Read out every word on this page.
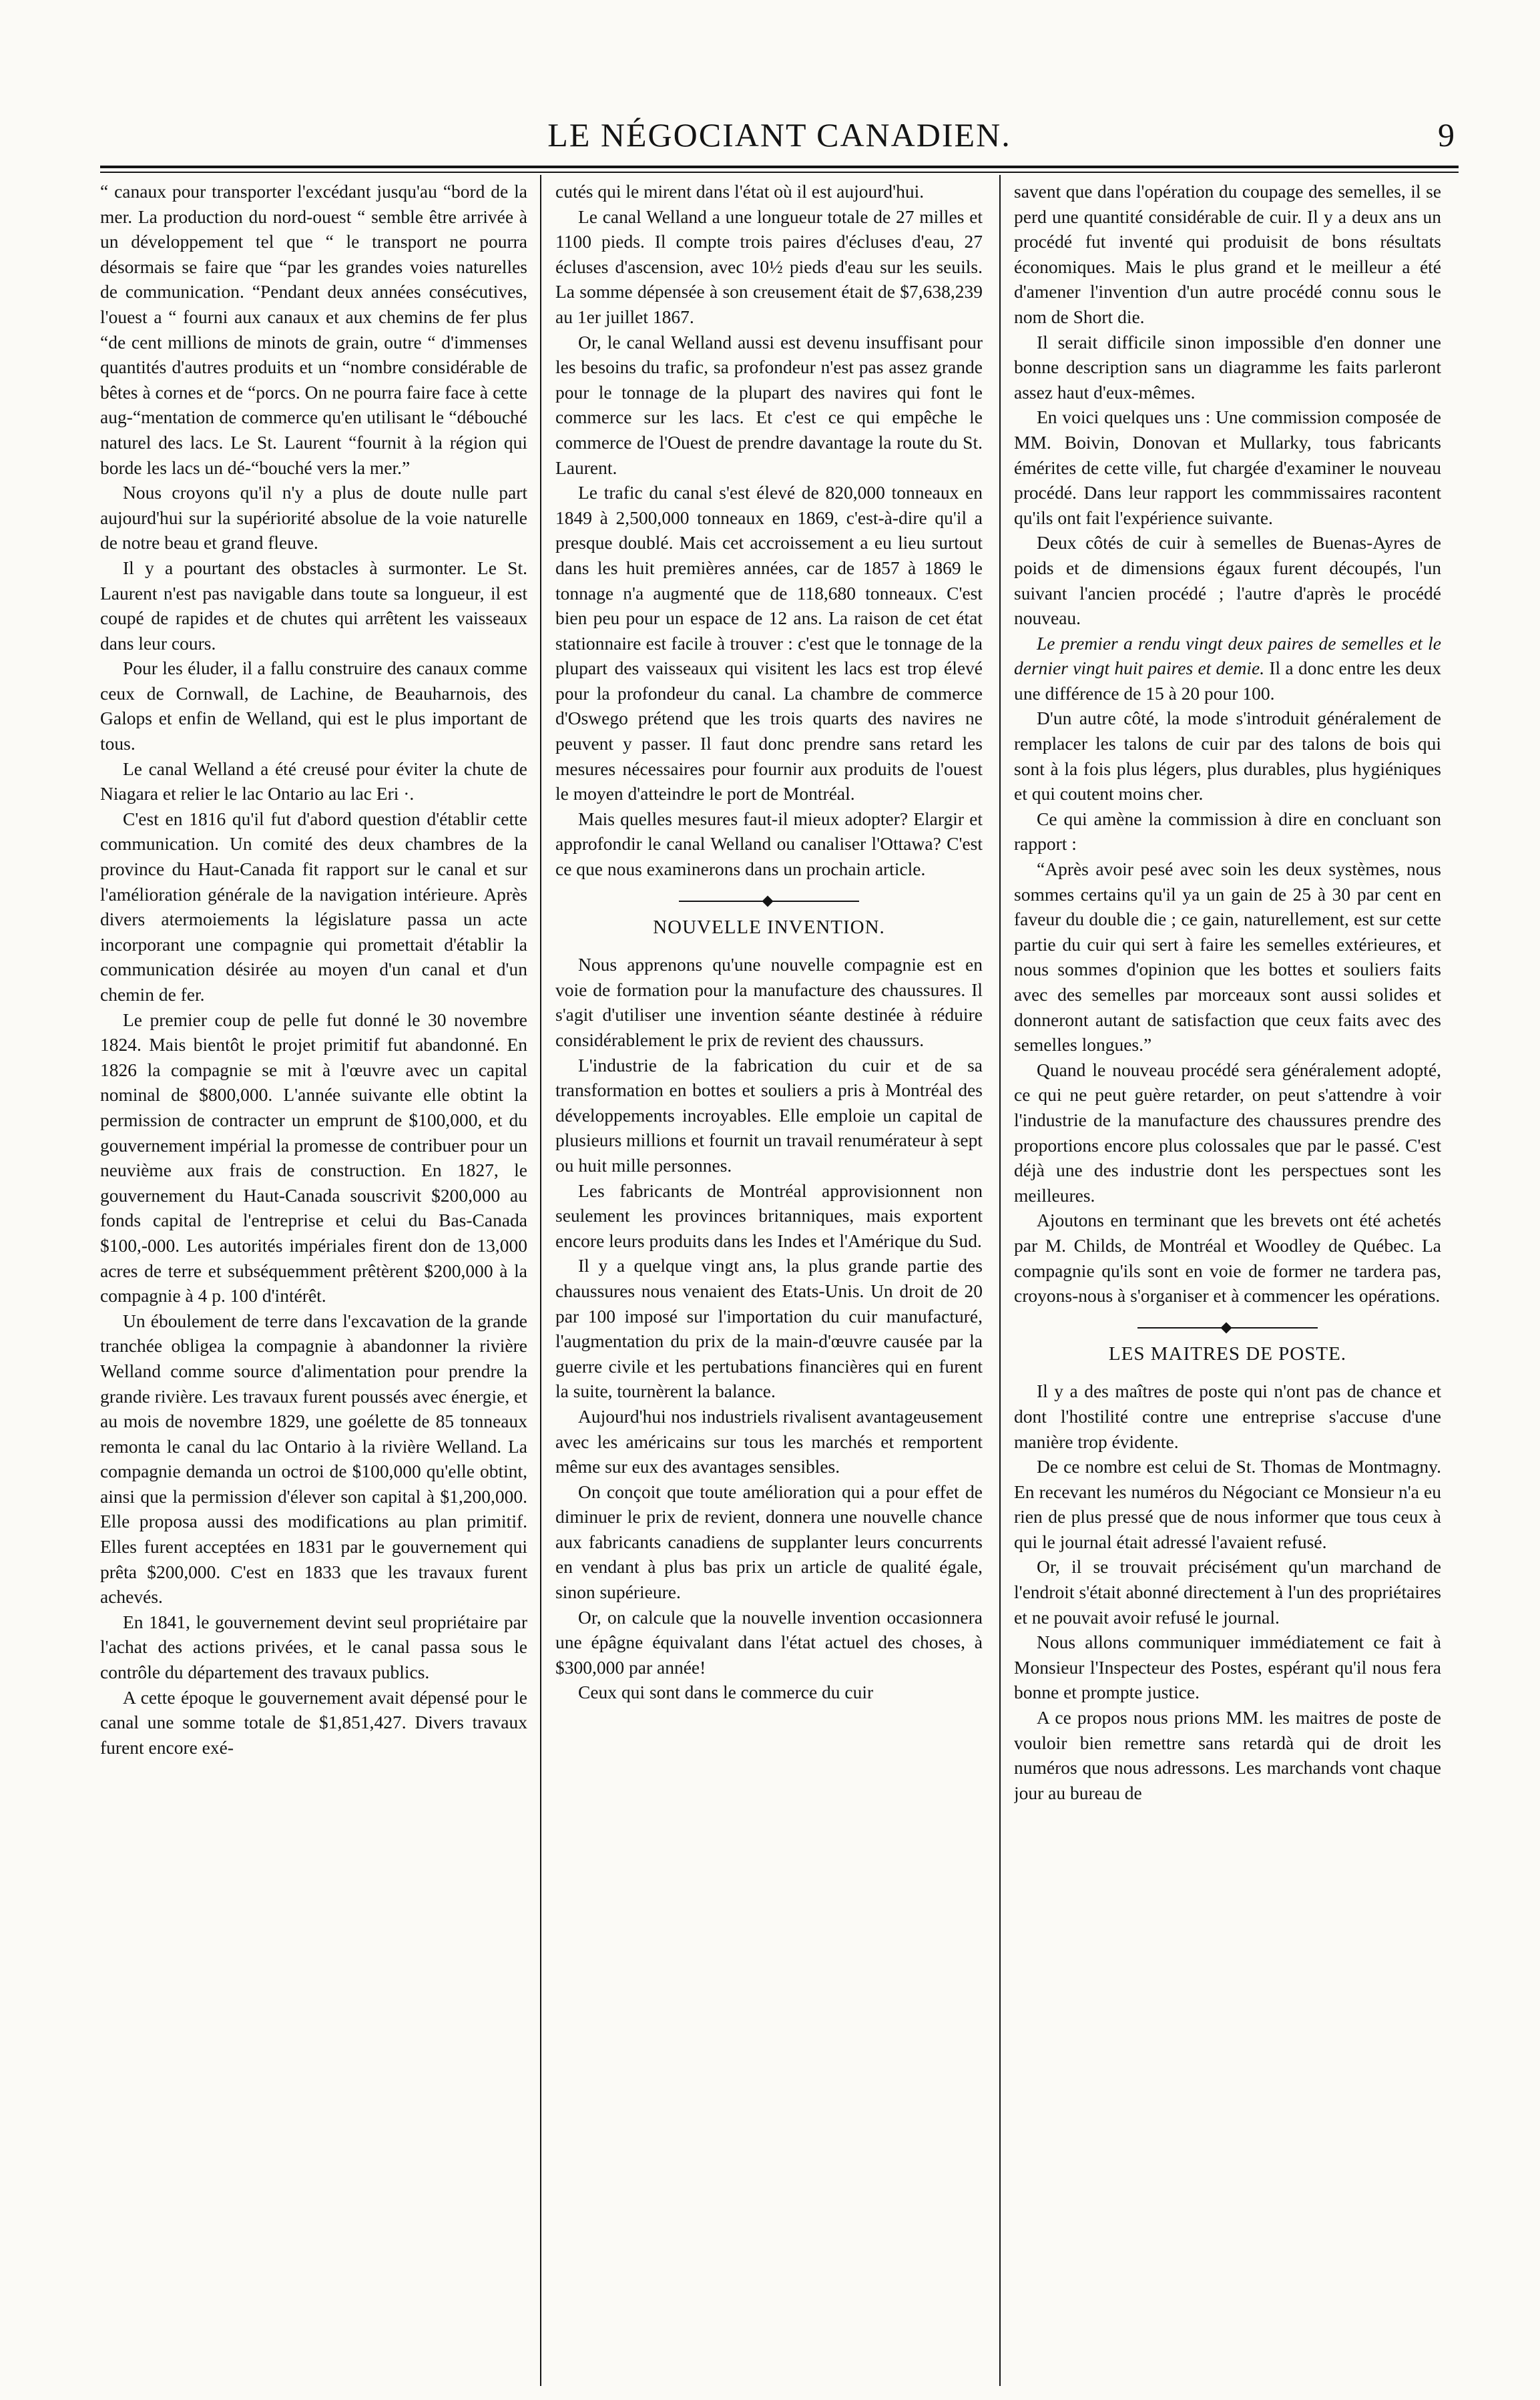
LE NÉGOCIANT CANADIEN.	9

“ canaux pour transporter l'excédant jusqu'au “bord de la mer. La production du nord-ouest “ semble être arrivée à un développement tel que “ le transport ne pourra désormais se faire que “par les grandes voies naturelles de communication. “Pendant deux années consécutives, l'ouest a “ fourni aux canaux et aux chemins de fer plus “de cent millions de minots de grain, outre “ d'immenses quantités d'autres produits et un “nombre considérable de bêtes à cornes et de “porcs. On ne pourra faire face à cette aug-“mentation de commerce qu'en utilisant le “débouché naturel des lacs. Le St. Laurent “fournit à la région qui borde les lacs un dé-“bouché vers la mer.”

Nous croyons qu'il n'y a plus de doute nulle part aujourd'hui sur la supériorité absolue de la voie naturelle de notre beau et grand fleuve.

Il y a pourtant des obstacles à surmonter. Le St. Laurent n'est pas navigable dans toute sa longueur, il est coupé de rapides et de chutes qui arrêtent les vaisseaux dans leur cours.

Pour les éluder, il a fallu construire des canaux comme ceux de Cornwall, de Lachine, de Beauharnois, des Galops et enfin de Welland, qui est le plus important de tous.

Le canal Welland a été creusé pour éviter la chute de Niagara et relier le lac Ontario au lac Eri ·.

C'est en 1816 qu'il fut d'abord question d'établir cette communication. Un comité des deux chambres de la province du Haut-Canada fit rapport sur le canal et sur l'amélioration générale de la navigation intérieure. Après divers atermoiements la législature passa un acte incorporant une compagnie qui promettait d'établir la communication désirée au moyen d'un canal et d'un chemin de fer.

Le premier coup de pelle fut donné le 30 novembre 1824. Mais bientôt le projet primitif fut abandonné. En 1826 la compagnie se mit à l'œuvre avec un capital nominal de $800,000. L'année suivante elle obtint la permission de contracter un emprunt de $100,000, et du gouvernement impérial la promesse de contribuer pour un neuvième aux frais de construction. En 1827, le gouvernement du Haut-Canada souscrivit $200,000 au fonds capital de l'entreprise et celui du Bas-Canada $100,-000. Les autorités impériales firent don de 13,000 acres de terre et subséquemment prêtèrent $200,000 à la compagnie à 4 p. 100 d'intérêt.

Un éboulement de terre dans l'excavation de la grande tranchée obligea la compagnie à abandonner la rivière Welland comme source d'alimentation pour prendre la grande rivière. Les travaux furent poussés avec énergie, et au mois de novembre 1829, une goélette de 85 tonneaux remonta le canal du lac Ontario à la rivière Welland. La compagnie demanda un octroi de $100,000 qu'elle obtint, ainsi que la permission d'élever son capital à $1,200,000. Elle proposa aussi des modifications au plan primitif. Elles furent acceptées en 1831 par le gouvernement qui prêta $200,000. C'est en 1833 que les travaux furent achevés.

En 1841, le gouvernement devint seul propriétaire par l'achat des actions privées, et le canal passa sous le contrôle du département des travaux publics.

A cette époque le gouvernement avait dépensé pour le canal une somme totale de $1,851,427. Divers travaux furent encore exé-

cutés qui le mirent dans l'état où il est aujourd'hui.

Le canal Welland a une longueur totale de 27 milles et 1100 pieds. Il compte trois paires d'écluses d'eau, 27 écluses d'ascension, avec 10½ pieds d'eau sur les seuils. La somme dépensée à son creusement était de $7,638,239 au 1er juillet 1867.

Or, le canal Welland aussi est devenu insuffisant pour les besoins du trafic, sa profondeur n'est pas assez grande pour le tonnage de la plupart des navires qui font le commerce sur les lacs. Et c'est ce qui empêche le commerce de l'Ouest de prendre davantage la route du St. Laurent.

Le trafic du canal s'est élevé de 820,000 tonneaux en 1849 à 2,500,000 tonneaux en 1869, c'est-à-dire qu'il a presque doublé. Mais cet accroissement a eu lieu surtout dans les huit premières années, car de 1857 à 1869 le tonnage n'a augmenté que de 118,680 tonneaux. C'est bien peu pour un espace de 12 ans. La raison de cet état stationnaire est facile à trouver : c'est que le tonnage de la plupart des vaisseaux qui visitent les lacs est trop élevé pour la profondeur du canal. La chambre de commerce d'Oswego prétend que les trois quarts des navires ne peuvent y passer. Il faut donc prendre sans retard les mesures nécessaires pour fournir aux produits de l'ouest le moyen d'atteindre le port de Montréal.

Mais quelles mesures faut-il mieux adopter? Elargir et approfondir le canal Welland ou canaliser l'Ottawa? C'est ce que nous examinerons dans un prochain article.

NOUVELLE INVENTION.

Nous apprenons qu'une nouvelle compagnie est en voie de formation pour la manufacture des chaussures. Il s'agit d'utiliser une invention séante destinée à réduire considérablement le prix de revient des chaussurs.

L'industrie de la fabrication du cuir et de sa transformation en bottes et souliers a pris à Montréal des développements incroyables. Elle emploie un capital de plusieurs millions et fournit un travail renumérateur à sept ou huit mille personnes.

Les fabricants de Montréal approvisionnent non seulement les provinces britanniques, mais exportent encore leurs produits dans les Indes et l'Amérique du Sud.

Il y a quelque vingt ans, la plus grande partie des chaussures nous venaient des Etats-Unis. Un droit de 20 par 100 imposé sur l'importation du cuir manufacturé, l'augmentation du prix de la main-d'œuvre causée par la guerre civile et les pertubations financières qui en furent la suite, tournèrent la balance.

Aujourd'hui nos industriels rivalisent avantageusement avec les américains sur tous les marchés et remportent même sur eux des avantages sensibles.

On conçoit que toute amélioration qui a pour effet de diminuer le prix de revient, donnera une nouvelle chance aux fabricants canadiens de supplanter leurs concurrents en vendant à plus bas prix un article de qualité égale, sinon supérieure.

Or, on calcule que la nouvelle invention occasionnera une épâgne équivalant dans l'état actuel des choses, à $300,000 par année!

Ceux qui sont dans le commerce du cuir

savent que dans l'opération du coupage des semelles, il se perd une quantité considérable de cuir. Il y a deux ans un procédé fut inventé qui produisit de bons résultats économiques. Mais le plus grand et le meilleur a été d'amener l'invention d'un autre procédé connu sous le nom de Short die.

Il serait difficile sinon impossible d'en donner une bonne description sans un diagramme les faits parleront assez haut d'eux-mêmes.

En voici quelques uns : Une commission composée de MM. Boivin, Donovan et Mullarky, tous fabricants émérites de cette ville, fut chargée d'examiner le nouveau procédé. Dans leur rapport les commmissaires racontent qu'ils ont fait l'expérience suivante.

Deux côtés de cuir à semelles de Buenas-Ayres de poids et de dimensions égaux furent découpés, l'un suivant l'ancien procédé ; l'autre d'après le procédé nouveau.

Le premier a rendu vingt deux paires de semelles et le dernier vingt huit paires et demie. Il a donc entre les deux une différence de 15 à 20 pour 100.

D'un autre côté, la mode s'introduit généralement de remplacer les talons de cuir par des talons de bois qui sont à la fois plus légers, plus durables, plus hygiéniques et qui coutent moins cher.

Ce qui amène la commission à dire en concluant son rapport :

“Après avoir pesé avec soin les deux systèmes, nous sommes certains qu'il ya un gain de 25 à 30 par cent en faveur du double die ; ce gain, naturellement, est sur cette partie du cuir qui sert à faire les semelles extérieures, et nous sommes d'opinion que les bottes et souliers faits avec des semelles par morceaux sont aussi solides et donneront autant de satisfaction que ceux faits avec des semelles longues.”

Quand le nouveau procédé sera généralement adopté, ce qui ne peut guère retarder, on peut s'attendre à voir l'industrie de la manufacture des chaussures prendre des proportions encore plus colossales que par le passé. C'est déjà une des industrie dont les perspectues sont les meilleures.

Ajoutons en terminant que les brevets ont été achetés par M. Childs, de Montréal et Woodley de Québec. La compagnie qu'ils sont en voie de former ne tardera pas, croyons-nous à s'organiser et à commencer les opérations.

LES MAITRES DE POSTE.

Il y a des maîtres de poste qui n'ont pas de chance et dont l'hostilité contre une entreprise s'accuse d'une manière trop évidente.

De ce nombre est celui de St. Thomas de Montmagny. En recevant les numéros du Négociant ce Monsieur n'a eu rien de plus pressé que de nous informer que tous ceux à qui le journal était adressé l'avaient refusé.

Or, il se trouvait précisément qu'un marchand de l'endroit s'était abonné directement à l'un des propriétaires et ne pouvait avoir refusé le journal.

Nous allons communiquer immédiatement ce fait à Monsieur l'Inspecteur des Postes, espérant qu'il nous fera bonne et prompte justice.

A ce propos nous prions MM. les maitres de poste de vouloir bien remettre sans retardà qui de droit les numéros que nous adressons. Les marchands vont chaque jour au bureau de
